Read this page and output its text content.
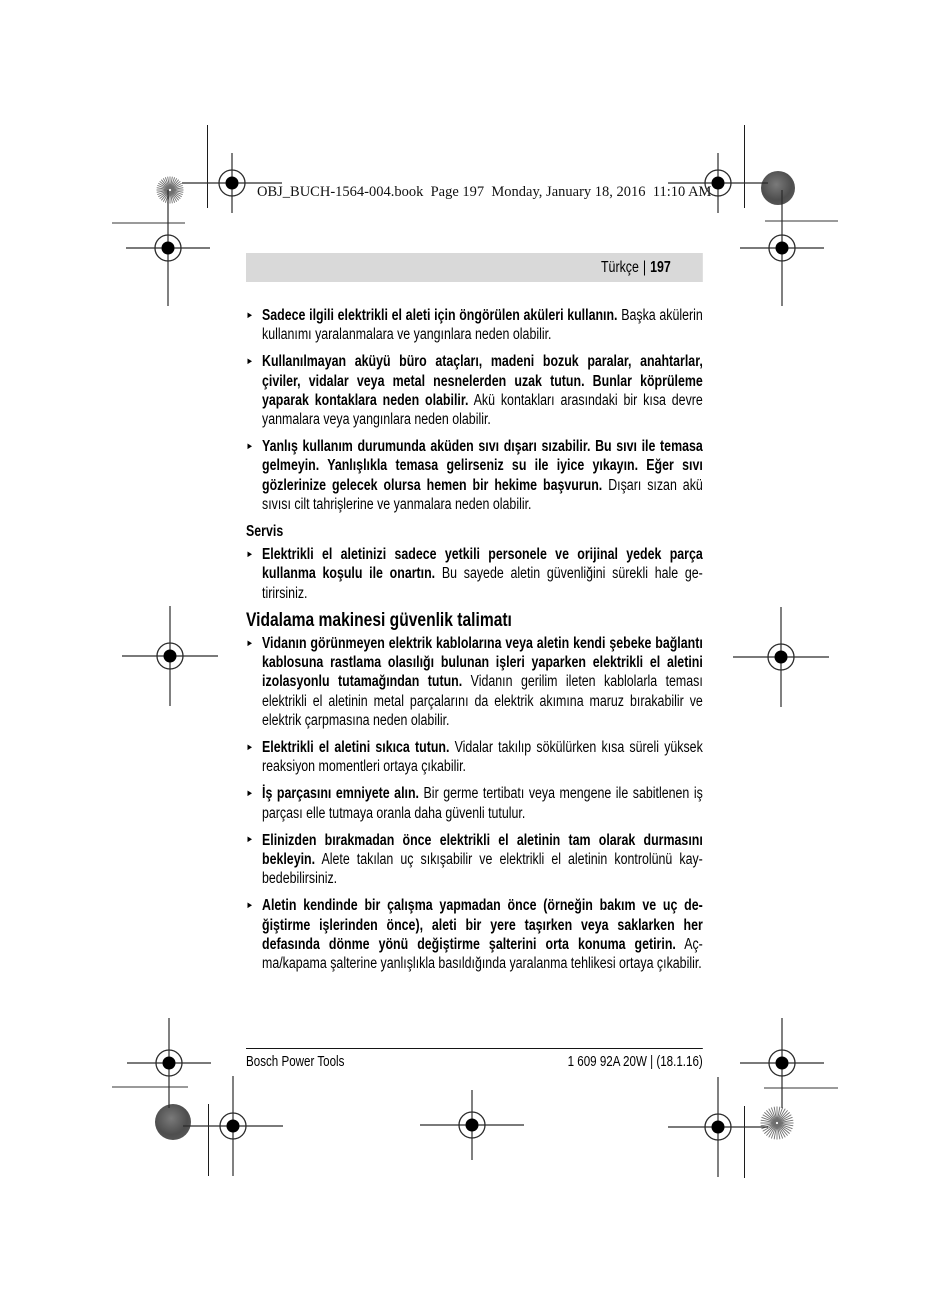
OBJ_BUCH-1564-004.book  Page 197  Monday, January 18, 2016  11:10 AM
Türkçe | 197
► Sadece ilgili elektrikli el aleti için öngörülen aküleri kullanın. Başka akülerin kullanımı yaralanmalara ve yangınlara neden olabilir.
► Kullanılmayan aküyü büro ataçları, madeni bozuk paralar, anahtarlar, çiviler, vidalar veya metal nesnelerden uzak tutun. Bunlar köprüleme yaparak kontaklara neden olabilir. Akü kontakları arasındaki bir kısa devre yanmalara veya yangınlara neden olabilir.
► Yanlış kullanım durumunda aküden sıvı dışarı sızabilir. Bu sıvı ile temasa gelmeyin. Yanlışlıkla temasa gelirseniz su ile iyice yıkayın. Eğer sıvı gözlerinize gelecek olursa hemen bir hekime başvurun. Dışarı sızan akü sıvısı cilt tahrişlerine ve yanmalara neden olabilir.
Servis
► Elektrikli el aletinizi sadece yetkili personele ve orijinal yedek parça kullanma koşulu ile onartın. Bu sayede aletin güvenliğini sürekli hale getirirsiniz.
Vidalama makinesi güvenlik talimatı
► Vidanın görünmeyen elektrik kablolarına veya aletin kendi şebeke bağlantı kablosuna rastlama olasılığı bulunan işleri yaparken elektrikli el aletini izolasyonlu tutamağından tutun. Vidanın gerilim ileten kablolarla teması elektrikli el aletinin metal parçalarını da elektrik akımına maruz bırakabilir ve elektrik çarpmasına neden olabilir.
► Elektrikli el aletini sıkıca tutun. Vidalar takılıp sökülürken kısa süreli yüksek reaksiyon momentleri ortaya çıkabilir.
► İş parçasını emniyete alın. Bir germe tertibatı veya mengene ile sabitlenen iş parçası elle tutmaya oranla daha güvenli tutulur.
► Elinizden bırakmadan önce elektrikli el aletinin tam olarak durmasını bekleyin. Alete takılan uç sıkışabilir ve elektrikli el aletinin kontrolünü kaybedebilirsiniz.
► Aletin kendinde bir çalışma yapmadan önce (örneğin bakım ve uç değiştirme işlerinden önce), aleti bir yere taşırken veya saklarken her defasında dönme yönü değiştirme şalterini orta konuma getirin. Açma/kapama şalterine yanlışlıkla basıldığında yaralanma tehlikesi ortaya çıkabilir.
Bosch Power Tools	1 609 92A 20W | (18.1.16)
